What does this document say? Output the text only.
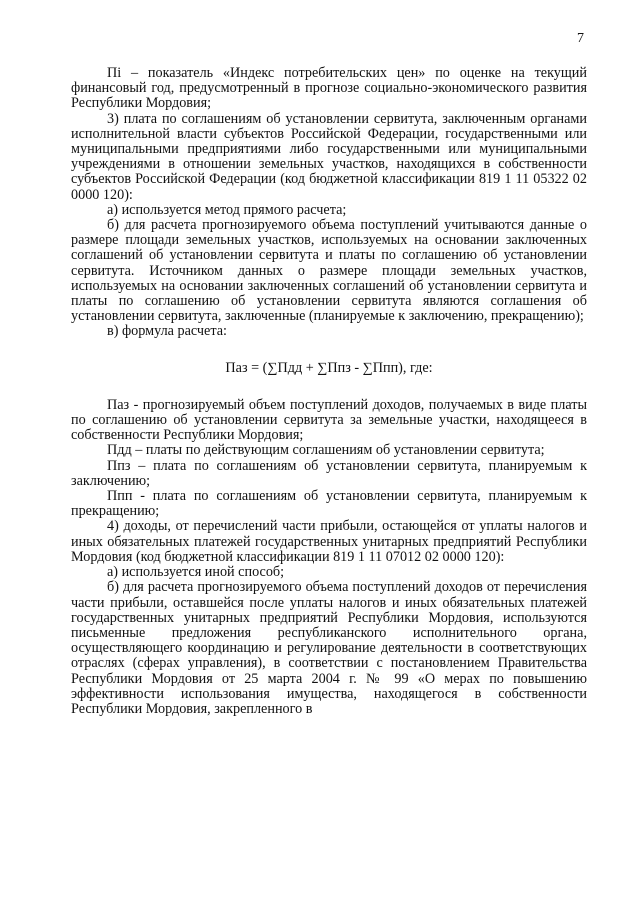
7

Пi – показатель «Индекс потребительских цен» по оценке на текущий финансовый год, предусмотренный в прогнозе социально-экономического развития Республики Мордовия;

3) плата по соглашениям об установлении сервитута, заключенным органами исполнительной власти субъектов Российской Федерации, государственными или муниципальными предприятиями либо государственными или муниципальными учреждениями в отношении земельных участков, находящихся в собственности субъектов Российской Федерации (код бюджетной классификации 819 1 11 05322 02 0000 120):

а) используется метод прямого расчета;

б) для расчета прогнозируемого объема поступлений учитываются данные о размере площади земельных участков, используемых на основании заключенных соглашений об установлении сервитута и платы по соглашению об установлении сервитута. Источником данных о размере площади земельных участков, используемых на основании заключенных соглашений об установлении сервитута и платы по соглашению об установлении сервитута являются соглашения об установлении сервитута, заключенные (планируемые к заключению, прекращению);

в) формула расчета:

Паз = (∑Пдд + ∑Ппз - ∑Ппп), где:

Паз - прогнозируемый объем поступлений доходов, получаемых в виде платы по соглашению об установлении сервитута за земельные участки, находящееся в собственности Республики Мордовия;

Пдд – платы по действующим соглашениям об установлении сервитута;

Ппз – плата по соглашениям об установлении сервитута, планируемым к заключению;

Ппп - плата по соглашениям об установлении сервитута, планируемым к прекращению;

4) доходы, от перечислений части прибыли, остающейся от уплаты налогов и иных обязательных платежей государственных унитарных предприятий Республики Мордовия (код бюджетной классификации 819 1 11 07012 02 0000 120):

а) используется иной способ;

б) для расчета прогнозируемого объема поступлений доходов от перечисления части прибыли, оставшейся после уплаты налогов и иных обязательных платежей государственных унитарных предприятий Республики Мордовия, используются письменные предложения республиканского исполнительного органа, осуществляющего координацию и регулирование деятельности в соответствующих отраслях (сферах управления), в соответствии с постановлением Правительства Республики Мордовия от 25 марта 2004 г. № 99 «О мерах по повышению эффективности использования имущества, находящегося в собственности Республики Мордовия, закрепленного в
